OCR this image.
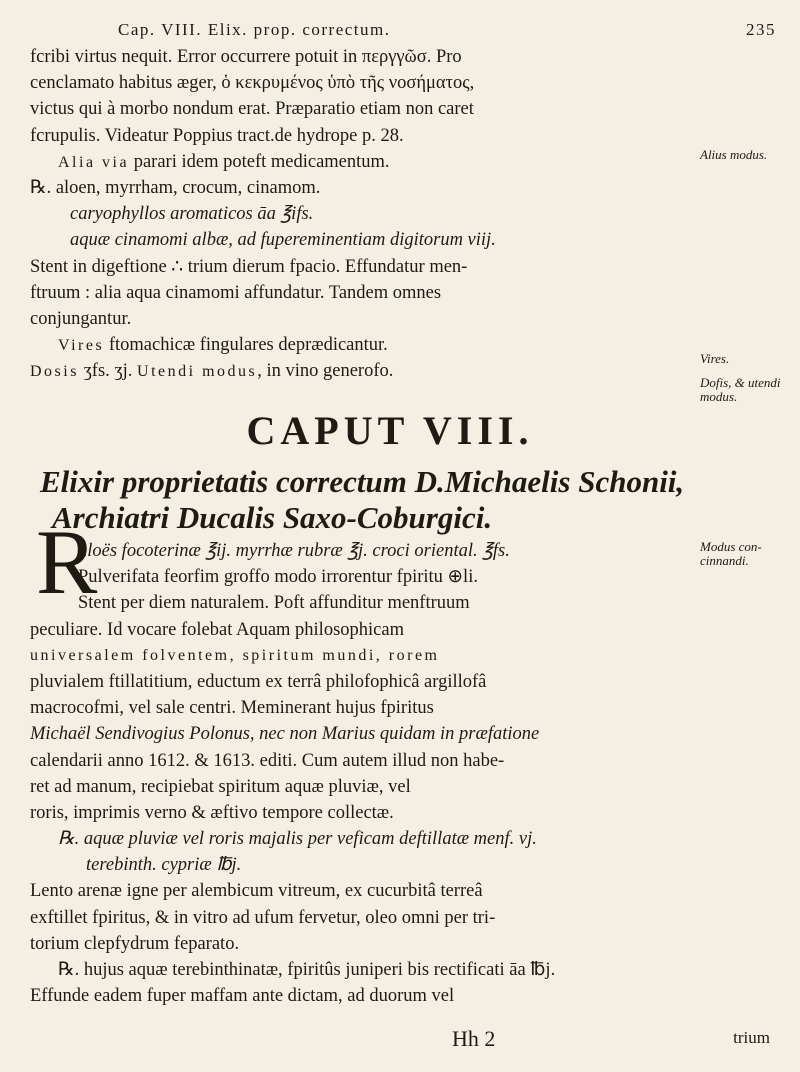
Cap. VIII. Elix. prop. correctum.	235
fcribi virtus nequit. Error occurrere potuit in περγγῶσ. Pro
cenclamato habitus æger, ὁ κεκρυμένος ὑπὸ τῆς νοσήματος,
victus qui à morbo nondum erat. Præparatio etiam non caret
fcrupulis. Videatur Poppius tract.de hydrope p. 28.
Alia via parari idem poteft medicamentum.
℞. aloen, myrrham, crocum, cinamom.
caryophyllos aromaticos āa ℥ifs.
aquæ cinamomi albæ, ad fupereminentiam digitorum viij.
Stent in digeftione ∴ trium dierum fpacio. Effundatur men-
ftruum : alia aqua cinamomi affundatur. Tandem omnes
conjungantur.
Vires ftomachicæ fingulares deprædicantur.
Dosis ʒfs. ʒj. Utendi modus, in vino generofo.
Alius modus.
Vires.
Dofis, & utendi modus.
CAPUT VIII.
Elixir proprietatis correctum D.Michaelis Schonii,
Archiatri Ducalis Saxo-Coburgici.
R	Modus con-cinnandi.
aloës focoterinæ ℥ij. myrrhæ rubræ ℥j. croci oriental. ℥fs.
Pulverifata feorfim groffo modo irrorentur fpiritu ⊕li.
Stent per diem naturalem. Poft affunditur menftruum
peculiare. Id vocare folebat Aquam philosophicam
universalem folventem, spiritum mundi, rorem
pluvialem ftillatitium, eductum ex terrâ philofophicâ argillofâ
macrocofmi, vel sale centri. Meminerant hujus fpiritus
Michaël Sendivogius Polonus, nec non Marius quidam in præfatione
calendarii anno 1612. & 1613. editi. Cum autem illud non habe-
ret ad manum, recipiebat spiritum aquæ pluviæ, vel
roris, imprimis verno & æftivo tempore collectæ.
℞. aquæ pluviæ vel roris majalis per veficam deftillatæ menf. vj.
terebinth. cypriæ ℔j.
Lento arenæ igne per alembicum vitreum, ex cucurbitâ terreâ
exftillet fpiritus, & in vitro ad ufum fervetur, oleo omni per tri-
torium clepfydrum feparato.
℞. hujus aquæ terebinthinatæ, fpiritûs juniperi bis rectificati āa ℔j.
Effunde eadem fuper maffam ante dictam, ad duorum vel
Hh 2	trium
